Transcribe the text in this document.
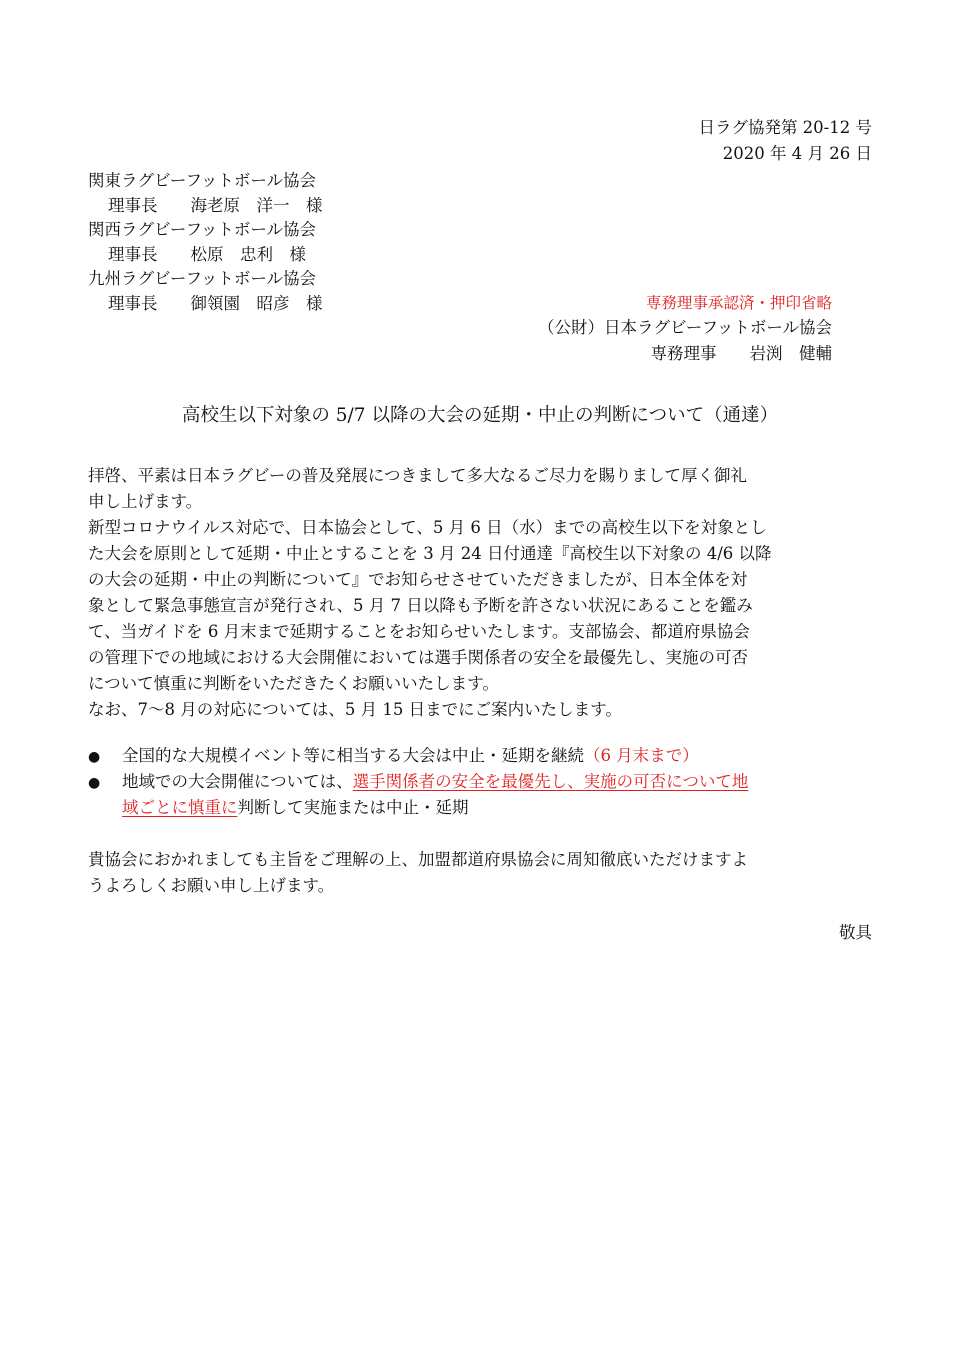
日ラグ協発第 20-12 号
2020 年 4 月 26 日
関東ラグビーフットボール協会
理事長　　海老原　洋一　様
関西ラグビーフットボール協会
理事長　　松原　忠利　様
九州ラグビーフットボール協会
理事長　　御領園　昭彦　様	専務理事承認済・押印省略
（公財）日本ラグビーフットボール協会
専務理事　　岩渕　健輔
高校生以下対象の 5/7 以降の大会の延期・中止の判断について（通達）
拝啓、平素は日本ラグビーの普及発展につきまして多大なるご尽力を賜りまして厚く御礼
申し上げます。
新型コロナウイルス対応で、日本協会として、5 月 6 日（水）までの高校生以下を対象とし
た大会を原則として延期・中止とすることを 3 月 24 日付通達『高校生以下対象の 4/6 以降
の大会の延期・中止の判断について』でお知らせさせていただきましたが、日本全体を対
象として緊急事態宣言が発行され、5 月 7 日以降も予断を許さない状況にあることを鑑み
て、当ガイドを 6 月末まで延期することをお知らせいたします。支部協会、都道府県協会
の管理下での地域における大会開催においては選手関係者の安全を最優先し、実施の可否
について慎重に判断をいただきたくお願いいたします。
なお、7〜8 月の対応については、5 月 15 日までにご案内いたします。
● 全国的な大規模イベント等に相当する大会は中止・延期を継続（6 月末まで）
● 地域での大会開催については、選手関係者の安全を最優先し、実施の可否について地
域ごとに慎重に判断して実施または中止・延期
貴協会におかれましても主旨をご理解の上、加盟都道府県協会に周知徹底いただけますよ
うよろしくお願い申し上げます。
敬具
